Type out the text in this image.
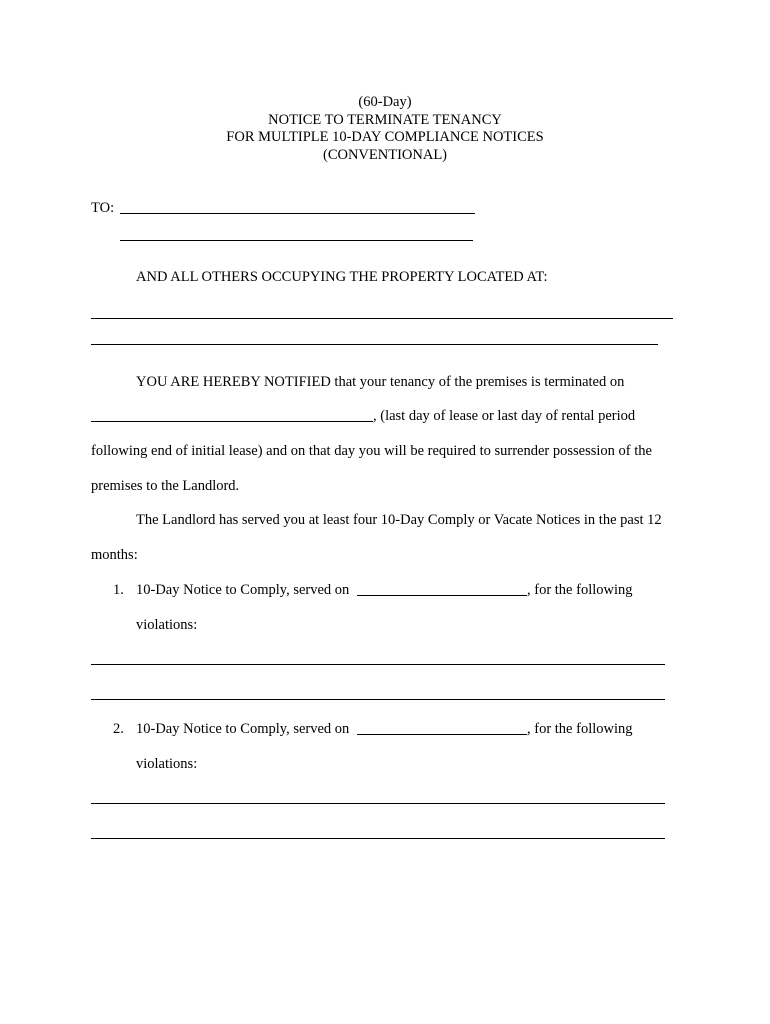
(60-Day)
NOTICE TO TERMINATE TENANCY
FOR MULTIPLE 10-DAY COMPLIANCE NOTICES
(CONVENTIONAL)
TO:
AND ALL OTHERS OCCUPYING THE PROPERTY LOCATED AT:
YOU ARE HEREBY NOTIFIED that your tenancy of the premises is terminated on
, (last day of lease or last day of rental period
following end of initial lease) and on that day you will be required to surrender possession of the
premises to the Landlord.
The Landlord has served you at least four 10-Day Comply or Vacate Notices in the past 12
months:
1. 10-Day Notice to Comply, served on	, for the following
violations:
2. 10-Day Notice to Comply, served on	, for the following
violations:
